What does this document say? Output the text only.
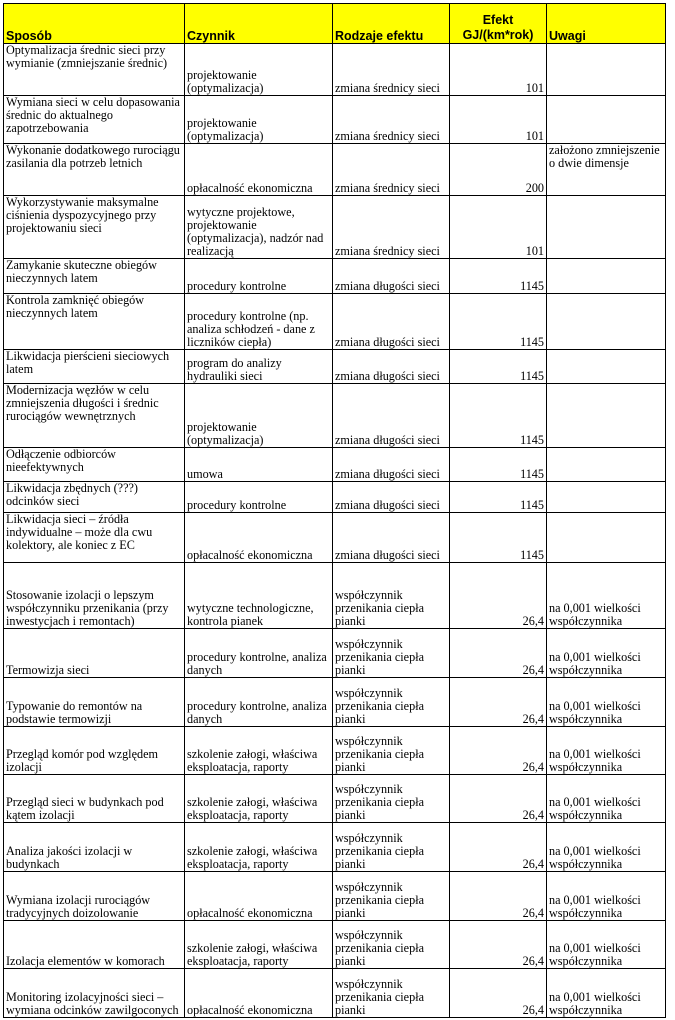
Sposób	Czynnik	Rodzaje efektu	Efekt GJ/(km*rok)	Uwagi
Optymalizacja średnic sieci przy wymianie (zmniejszanie średnic)	projektowanie (optymalizacja)	zmiana średnicy sieci	101	
Wymiana sieci w celu dopasowania średnic do aktualnego zapotrzebowania	projektowanie (optymalizacja)	zmiana średnicy sieci	101	
Wykonanie dodatkowego rurociągu zasilania dla potrzeb letnich	opłacalność ekonomiczna	zmiana średnicy sieci	200	założono zmniejszenie o dwie dimensje
Wykorzystywanie maksymalne ciśnienia dyspozycyjnego przy projektowaniu sieci	wytyczne projektowe, projektowanie (optymalizacja), nadzór nad realizacją	zmiana średnicy sieci	101	
Zamykanie skuteczne obiegów nieczynnych latem	procedury kontrolne	zmiana długości sieci	1145	
Kontrola zamknięć obiegów nieczynnych latem	procedury kontrolne (np. analiza schłodzeń - dane z liczników ciepła)	zmiana długości sieci	1145	
Likwidacja pierścieni sieciowych latem	program do analizy hydrauliki sieci	zmiana długości sieci	1145	
Modernizacja węzłów w celu zmniejszenia długości i średnic rurociągów wewnętrznych	projektowanie (optymalizacja)	zmiana długości sieci	1145	
Odłączenie odbiorców nieefektywnych	umowa	zmiana długości sieci	1145	
Likwidacja zbędnych (???) odcinków sieci	procedury kontrolne	zmiana długości sieci	1145	
Likwidacja sieci – źródła indywidualne – może dla cwu kolektory, ale koniec z EC	opłacalność ekonomiczna	zmiana długości sieci	1145	
Stosowanie izolacji o lepszym współczynniku przenikania (przy inwestycjach i remontach)	wytyczne technologiczne, kontrola pianek	współczynnik przenikania ciepła pianki	26,4	na 0,001 wielkości współczynnika
Termowizja sieci	procedury kontrolne, analiza danych	współczynnik przenikania ciepła pianki	26,4	na 0,001 wielkości współczynnika
Typowanie do remontów na podstawie termowizji	procedury kontrolne, analiza danych	współczynnik przenikania ciepła pianki	26,4	na 0,001 wielkości współczynnika
Przegląd komór pod względem izolacji	szkolenie załogi, właściwa eksploatacja, raporty	współczynnik przenikania ciepła pianki	26,4	na 0,001 wielkości współczynnika
Przegląd sieci w budynkach pod kątem izolacji	szkolenie załogi, właściwa eksploatacja, raporty	współczynnik przenikania ciepła pianki	26,4	na 0,001 wielkości współczynnika
Analiza jakości izolacji w budynkach	szkolenie załogi, właściwa eksploatacja, raporty	współczynnik przenikania ciepła pianki	26,4	na 0,001 wielkości współczynnika
Wymiana izolacji rurociągów tradycyjnych doizolowanie	opłacalność ekonomiczna	współczynnik przenikania ciepła pianki	26,4	na 0,001 wielkości współczynnika
Izolacja elementów w komorach	szkolenie załogi, właściwa eksploatacja, raporty	współczynnik przenikania ciepła pianki	26,4	na 0,001 wielkości współczynnika
Monitoring izolacyjności sieci – wymiana odcinków zawilgoconych	opłacalność ekonomiczna	współczynnik przenikania ciepła pianki	26,4	na 0,001 wielkości współczynnika
